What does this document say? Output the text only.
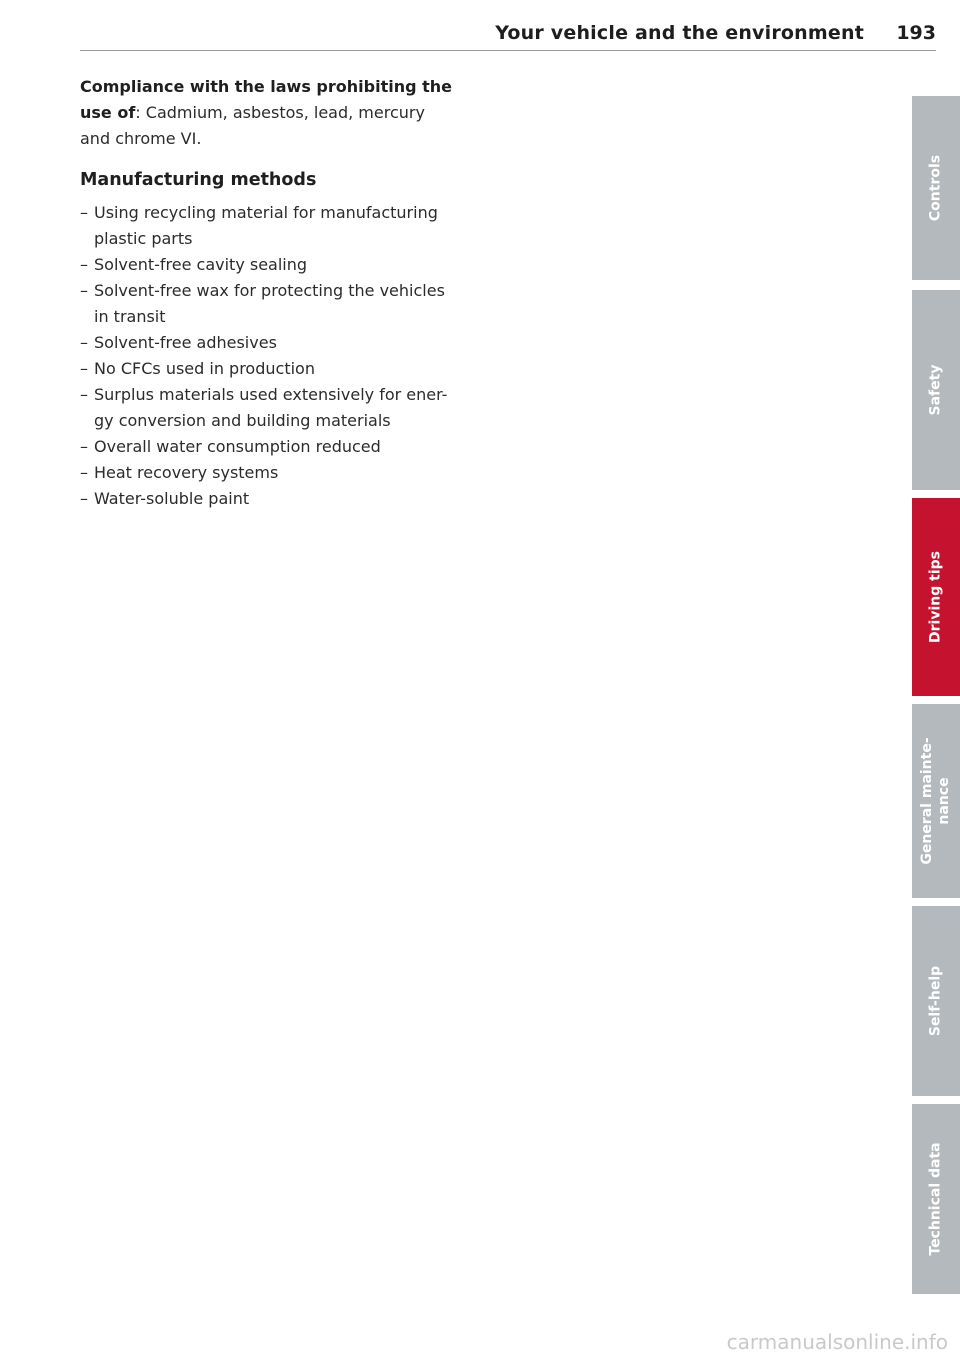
Your vehicle and the environment 193

Compliance with the laws prohibiting the use of: Cadmium, asbestos, lead, mercury and chrome VI.

Manufacturing methods
– Using recycling material for manufacturing plastic parts
– Solvent-free cavity sealing
– Solvent-free wax for protecting the vehicles in transit
– Solvent-free adhesives
– No CFCs used in production
– Surplus materials used extensively for ener-gy conversion and building materials
– Overall water consumption reduced
– Heat recovery systems
– Water-soluble paint
Controls
Safety
Driving tips
General mainte-
nance
Self-help
Technical data
carmanualsonline.info
